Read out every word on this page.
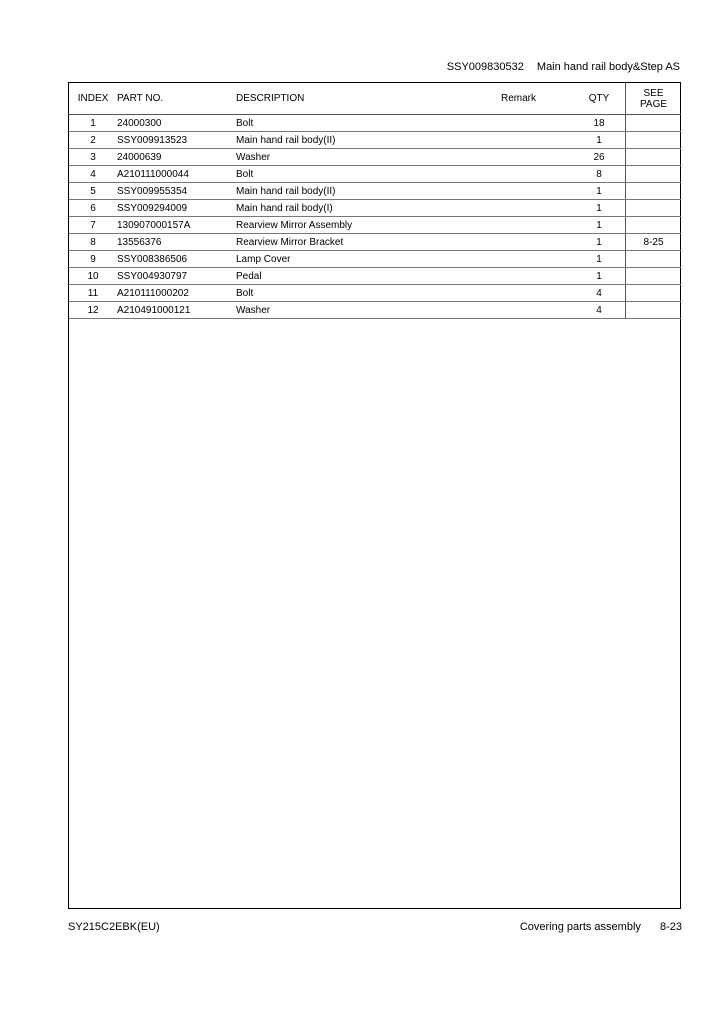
SSY009830532 Main hand rail body&Step AS
INDEX	PART NO.	DESCRIPTION	Remark	QTY	SEE
PAGE
1	24000300	Bolt		18	
2	SSY009913523	Main hand rail body(II)		1	
3	24000639	Washer		26	
4	A210111000044	Bolt		8	
5	SSY009955354	Main hand rail body(II)		1	
6	SSY009294009	Main hand rail body(I)		1	
7	130907000157A	Rearview Mirror Assembly		1	
8	13556376	Rearview Mirror Bracket		1	8-25
9	SSY008386506	Lamp Cover		1	
10	SSY004930797	Pedal		1	
11	A210111000202	Bolt		4	
12	A210491000121	Washer		4	
SY215C2EBK(EU)	Covering parts assembly 8-23
